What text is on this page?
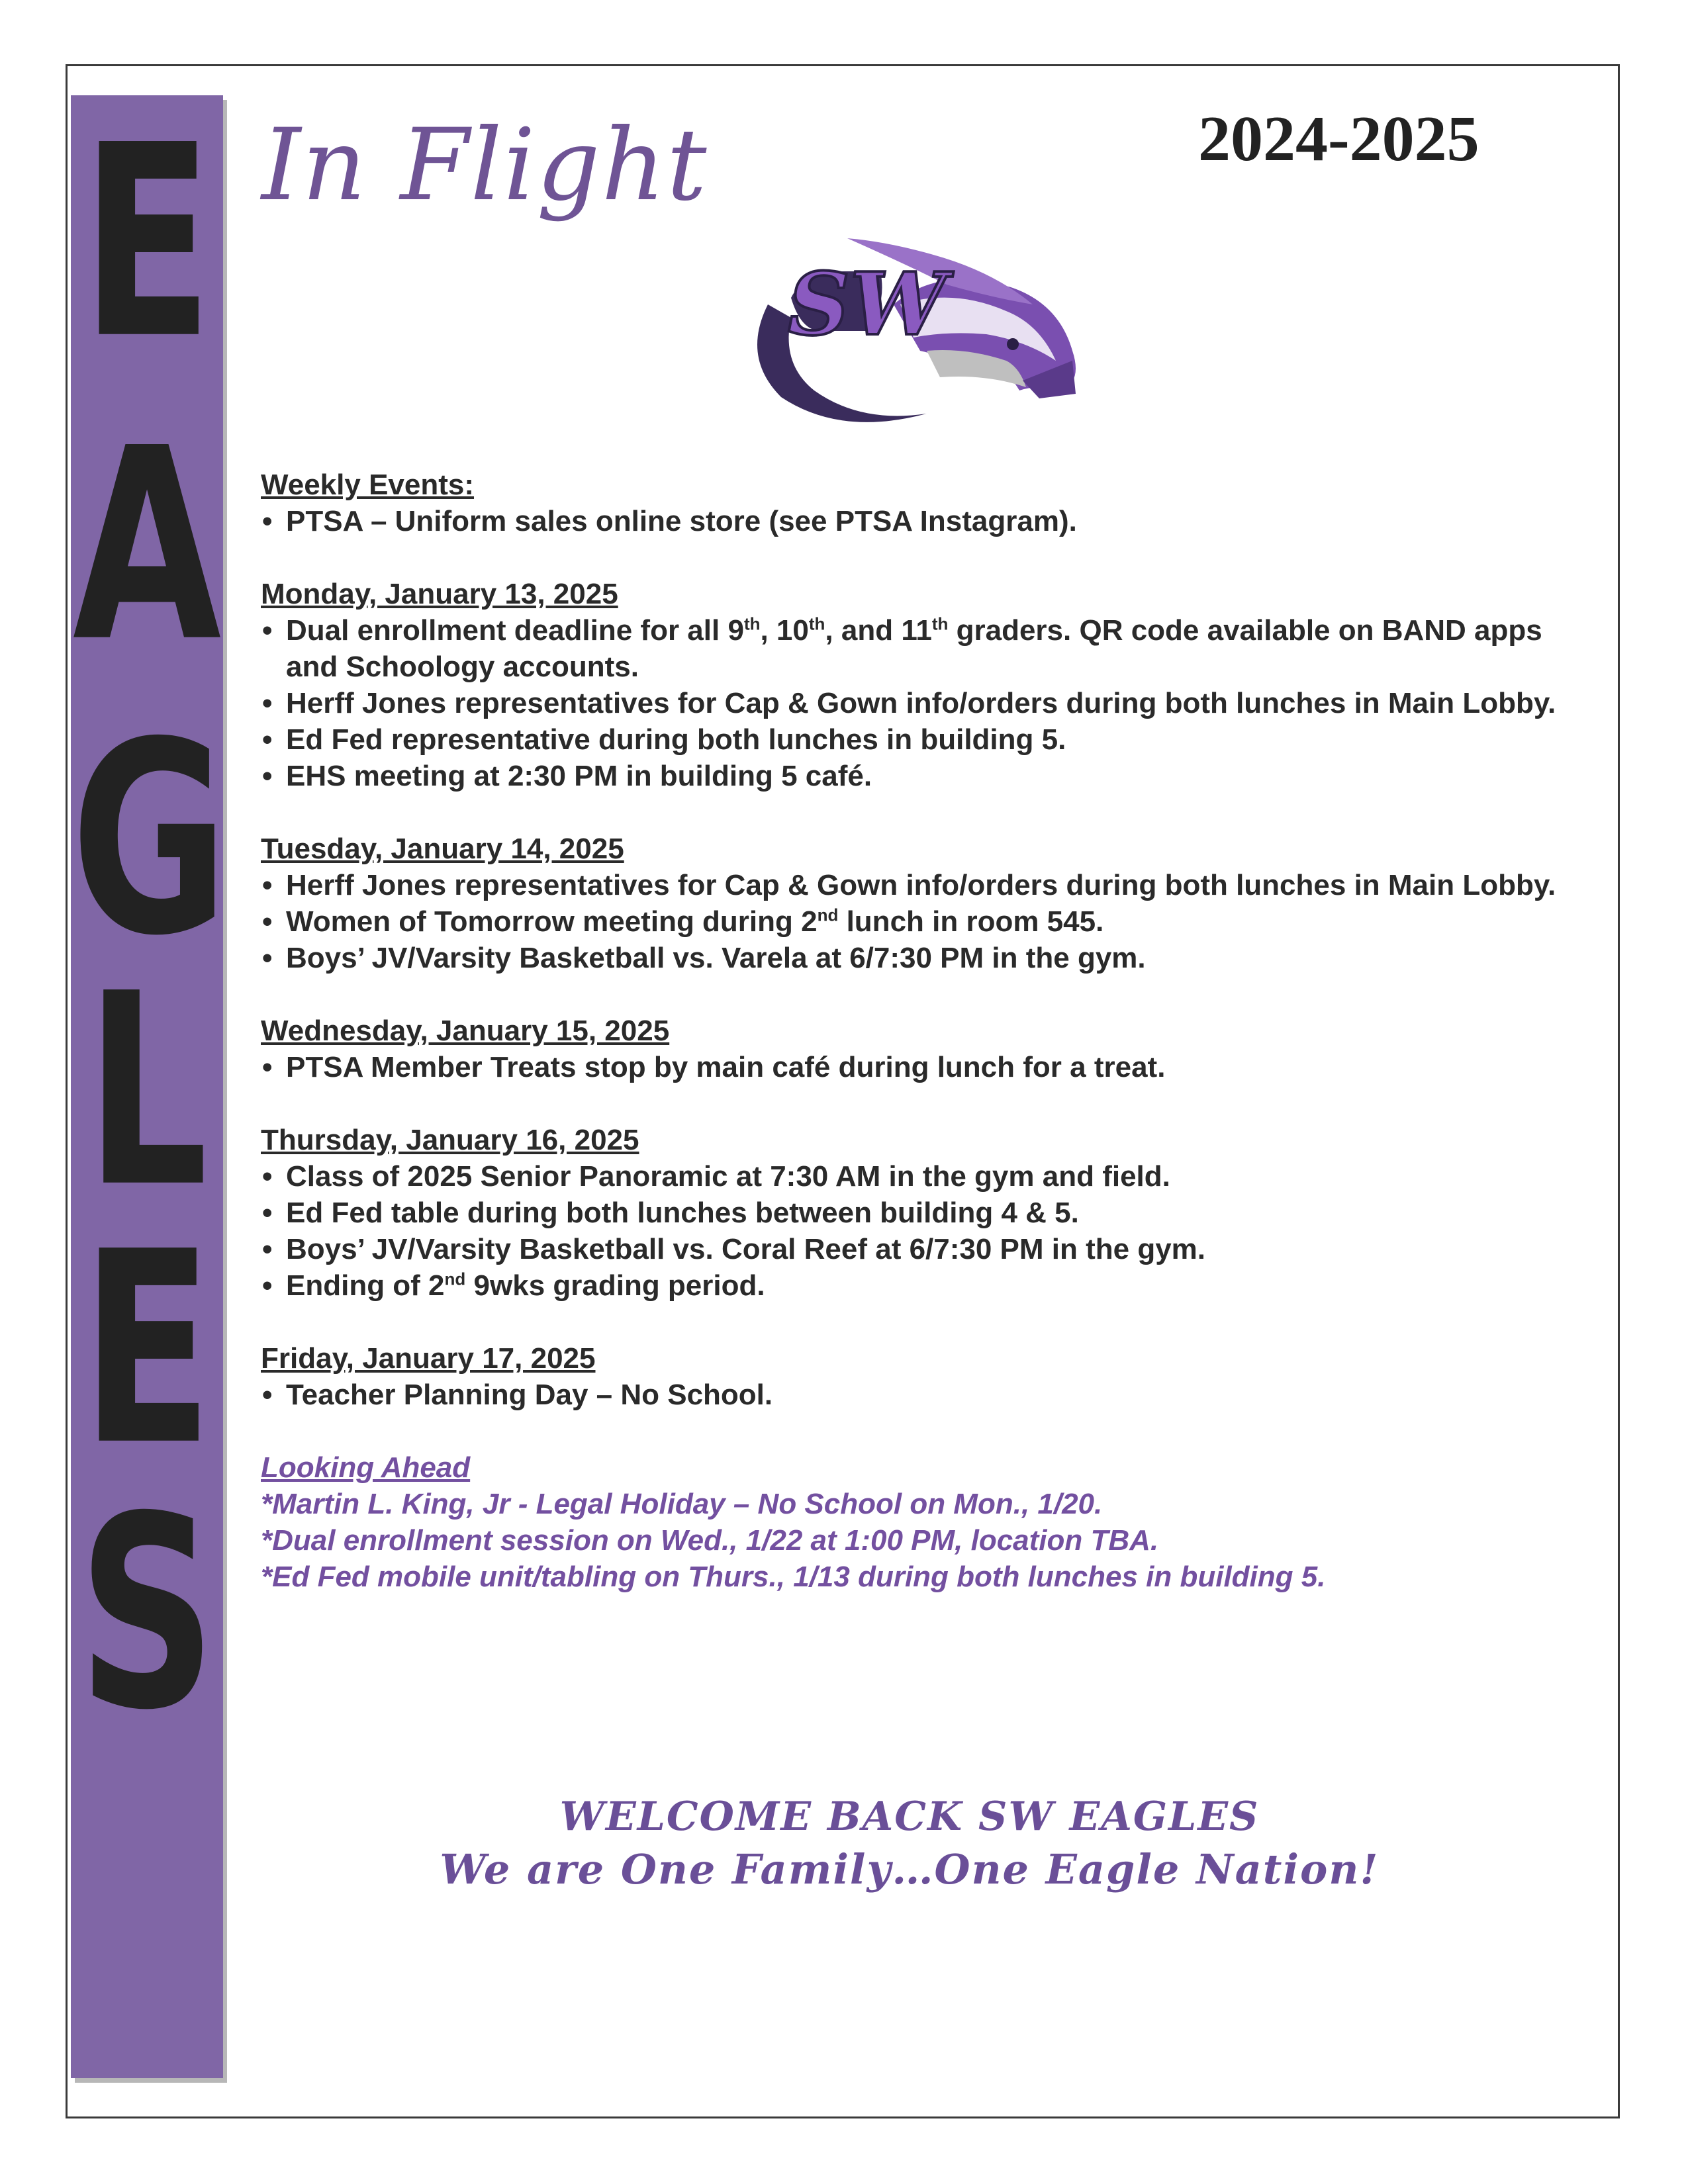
E
A
G
L
E
S
In Flight	2024-2025
SW
Weekly Events:
• PTSA – Uniform sales online store (see PTSA Instagram).
Monday, January 13, 2025
• Dual enrollment deadline for all 9th, 10th, and 11th graders. QR code available on BAND apps and Schoology accounts.
• Herff Jones representatives for Cap & Gown info/orders during both lunches in Main Lobby.
• Ed Fed representative during both lunches in building 5.
• EHS meeting at 2:30 PM in building 5 café.
Tuesday, January 14, 2025
• Herff Jones representatives for Cap & Gown info/orders during both lunches in Main Lobby.
• Women of Tomorrow meeting during 2nd lunch in room 545.
• Boys’ JV/Varsity Basketball vs. Varela at 6/7:30 PM in the gym.
Wednesday, January 15, 2025
• PTSA Member Treats stop by main café during lunch for a treat.
Thursday, January 16, 2025
• Class of 2025 Senior Panoramic at 7:30 AM in the gym and field.
• Ed Fed table during both lunches between building 4 & 5.
• Boys’ JV/Varsity Basketball vs. Coral Reef at 6/7:30 PM in the gym.
• Ending of 2nd 9wks grading period.
Friday, January 17, 2025
• Teacher Planning Day – No School.
Looking Ahead
*Martin L. King, Jr - Legal Holiday – No School on Mon., 1/20.
*Dual enrollment session on Wed., 1/22 at 1:00 PM, location TBA.
*Ed Fed mobile unit/tabling on Thurs., 1/13 during both lunches in building 5.
WELCOME BACK SW EAGLES
We are One Family…One Eagle Nation!
